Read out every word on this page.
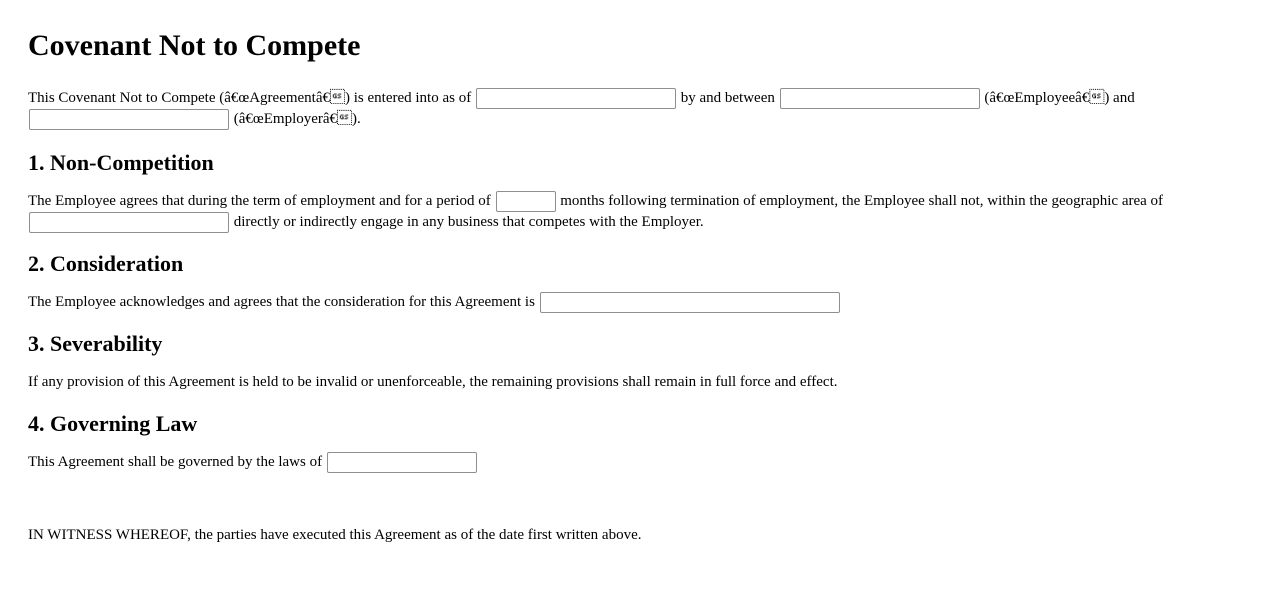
Covenant Not to Compete

This Covenant Not to Compete (â€œAgreementâ€) is entered into as of	by and between	(â€œEmployeeâ€) and  (â€œEmployerâ€).

1. Non-Competition

The Employee agrees that during the term of employment and for a period of	months following termination of employment, the Employee shall not, within the geographic area of  directly or indirectly engage in any business that competes with the Employer.

2. Consideration

The Employee acknowledges and agrees that the consideration for this Agreement is

3. Severability

If any provision of this Agreement is held to be invalid or unenforceable, the remaining provisions shall remain in full force and effect.

4. Governing Law

This Agreement shall be governed by the laws of

IN WITNESS WHEREOF, the parties have executed this Agreement as of the date first written above.
